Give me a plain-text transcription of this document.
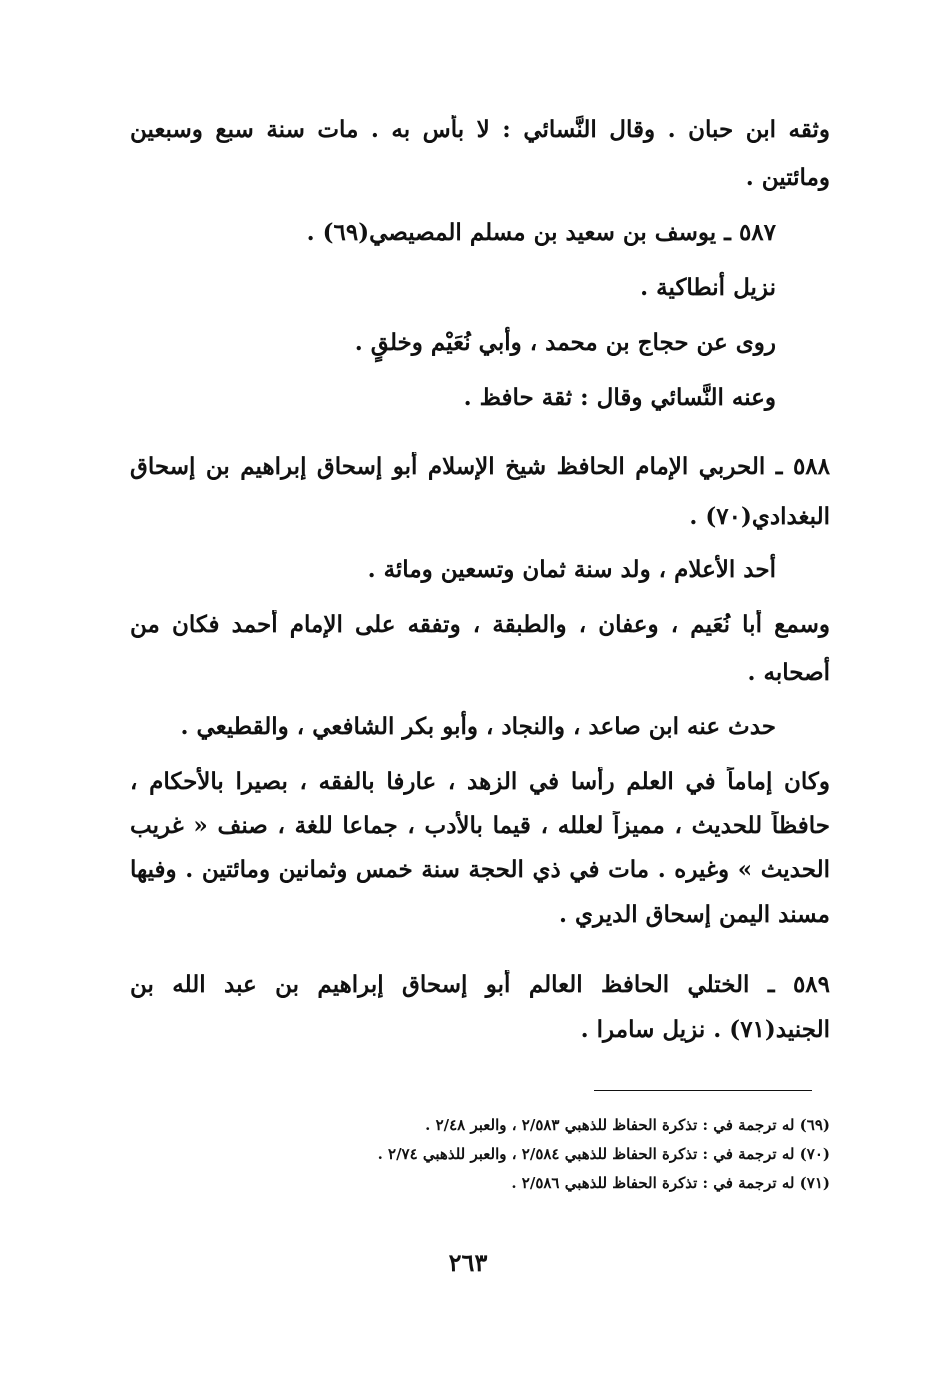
وثقه ابن حبان . وقال النَّسائي : لا بأس به . مات سنة سبع وسبعين
ومائتين .
٥٨٧ ـ يوسف بن سعيد بن مسلم المصيصي(٦٩) .
نزيل أنطاكية .
روى عن حجاج بن محمد ، وأبي نُعَيْم وخلقٍ .
وعنه النَّسائي وقال : ثقة حافظ .
٥٨٨ ـ الحربي الإمام الحافظ شيخ الإسلام أبو إسحاق إبراهيم بن إسحاق
البغدادي(٧٠) .
أحد الأعلام ، ولد سنة ثمان وتسعين ومائة .
وسمع أبا نُعَيم ، وعفان ، والطبقة ، وتفقه على الإمام أحمد فكان من
أصحابه .
حدث عنه ابن صاعد ، والنجاد ، وأبو بكر الشافعي ، والقطيعي .
وكان إماماً في العلم رأسا في الزهد ، عارفا بالفقه ، بصيرا بالأحكام ،
حافظاً للحديث ، مميزاً لعلله ، قيما بالأدب ، جماعا للغة ، صنف « غريب
الحديث » وغيره . مات في ذي الحجة سنة خمس وثمانين ومائتين . وفيها
مسند اليمن إسحاق الديري .
٥٨٩ ـ الختلي الحافظ العالم أبو إسحاق إبراهيم بن عبد الله بن
الجنيد(٧١) . نزيل سامرا .
(٦٩) له ترجمة في : تذكرة الحفاظ للذهبي ٢/٥٨٣ ، والعبر ٢/٤٨ .
(٧٠) له ترجمة في : تذكرة الحفاظ للذهبي ٢/٥٨٤ ، والعبر للذهبي ٢/٧٤ .
(٧١) له ترجمة في : تذكرة الحفاظ للذهبي ٢/٥٨٦ .
٢٦٣
